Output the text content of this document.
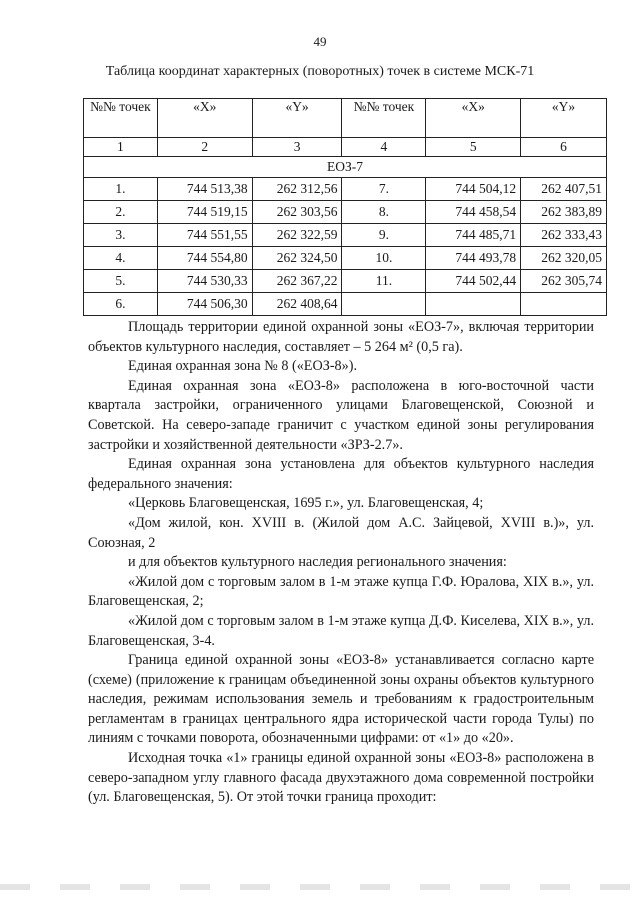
49
Таблица координат характерных (поворотных) точек в системе МСК-71
№№ точек	«X»	«Y»	№№ точек	«X»	«Y»
1	2	3	4	5	6
ЕОЗ-7					
1.	744 513,38	262 312,56	7.	744 504,12	262 407,51
2.	744 519,15	262 303,56	8.	744 458,54	262 383,89
3.	744 551,55	262 322,59	9.	744 485,71	262 333,43
4.	744 554,80	262 324,50	10.	744 493,78	262 320,05
5.	744 530,33	262 367,22	11.	744 502,44	262 305,74
6.	744 506,30	262 408,64			

Площадь территории единой охранной зоны «ЕОЗ-7», включая территории объектов культурного наследия, составляет – 5 264 м² (0,5 га).

Единая охранная зона № 8 («ЕОЗ-8»).

Единая охранная зона «ЕОЗ-8» расположена в юго-восточной части квартала застройки, ограниченного улицами Благовещенской, Союзной и Советской. На северо-западе граничит с участком единой зоны регулирования застройки и хозяйственной деятельности «ЗРЗ-2.7».

Единая охранная зона установлена для объектов культурного наследия федерального значения:

«Церковь Благовещенская, 1695 г.», ул. Благовещенская, 4;

«Дом жилой, кон. XVIII в. (Жилой дом А.С. Зайцевой, XVIII в.)», ул. Союзная, 2

и для объектов культурного наследия регионального значения:

«Жилой дом с торговым залом в 1-м этаже купца Г.Ф. Юралова, XIX в.», ул. Благовещенская, 2;

«Жилой дом с торговым залом в 1-м этаже купца Д.Ф. Киселева, XIX в.», ул. Благовещенская, 3-4.

Граница единой охранной зоны «ЕОЗ-8» устанавливается согласно карте (схеме) (приложение к границам объединенной зоны охраны объектов культурного наследия, режимам использования земель и требованиям к градостроительным регламентам в границах центрального ядра исторической части города Тулы) по линиям с точками поворота, обозначенными цифрами: от «1» до «20».

Исходная точка «1» границы единой охранной зоны «ЕОЗ-8» расположена в северо-западном углу главного фасада двухэтажного дома современной постройки (ул. Благовещенская, 5). От этой точки граница проходит:
